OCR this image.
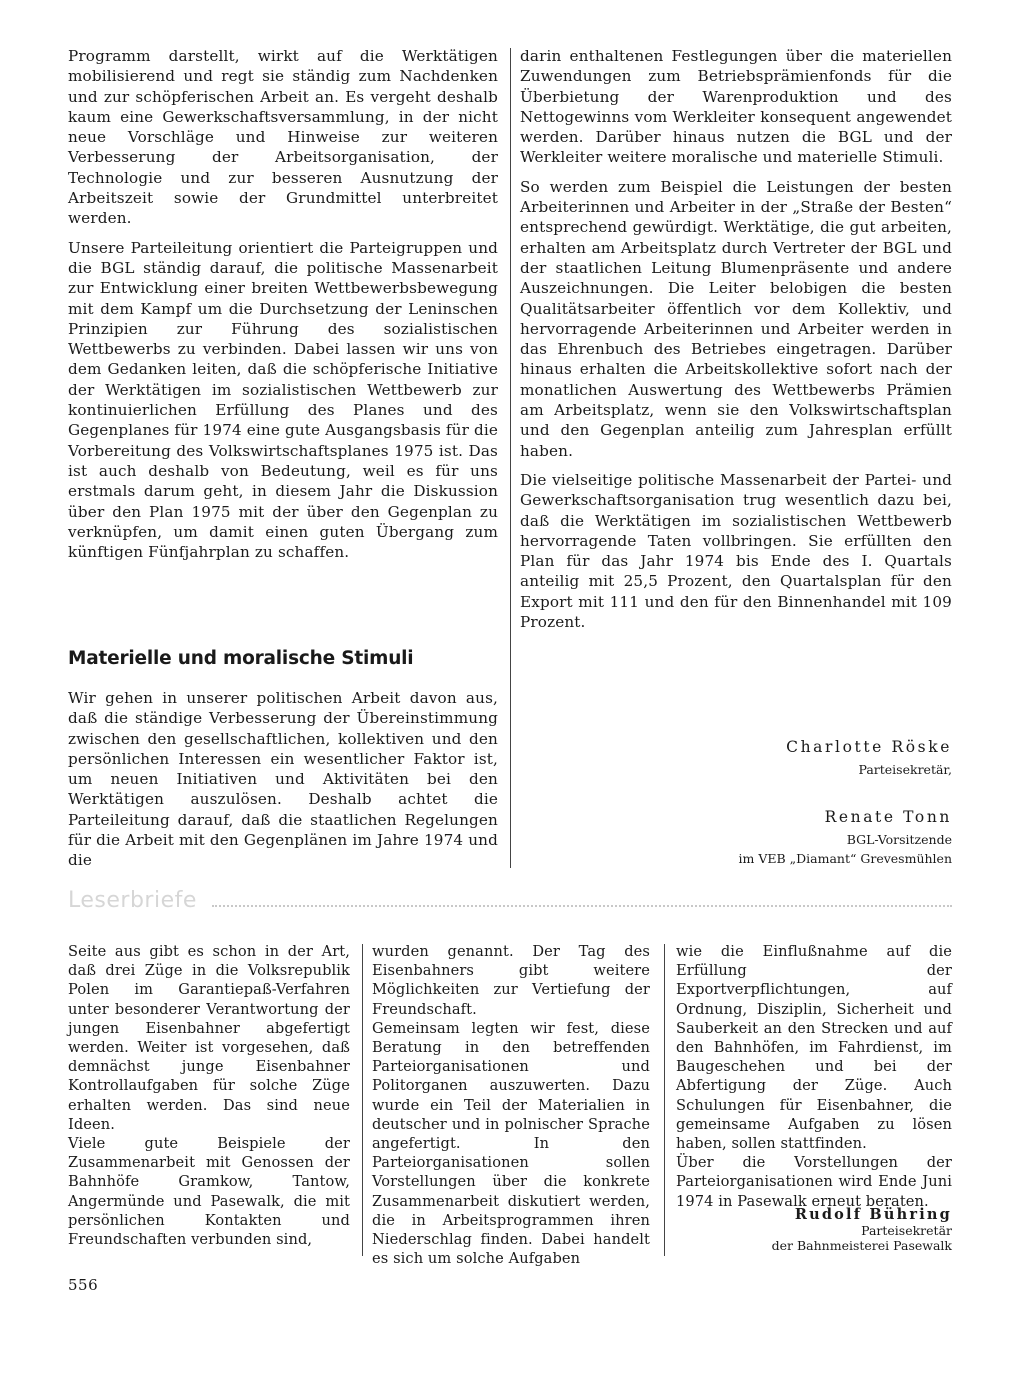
Programm darstellt, wirkt auf die Werktätigen mobilisierend und regt sie ständig zum Nachdenken und zur schöpferischen Arbeit an. Es vergeht deshalb kaum eine Gewerkschaftsversammlung, in der nicht neue Vorschläge und Hinweise zur weiteren Verbesserung der Arbeitsorganisation, der Technologie und zur besseren Ausnutzung der Arbeitszeit sowie der Grundmittel unterbreitet werden.

Unsere Parteileitung orientiert die Parteigruppen und die BGL ständig darauf, die politische Massenarbeit zur Entwicklung einer breiten Wettbewerbsbewegung mit dem Kampf um die Durchsetzung der Leninschen Prinzipien zur Führung des sozialistischen Wettbewerbs zu verbinden. Dabei lassen wir uns von dem Gedanken leiten, daß die schöpferische Initiative der Werktätigen im sozialistischen Wettbewerb zur kontinuierlichen Erfüllung des Planes und des Gegenplanes für 1974 eine gute Ausgangsbasis für die Vorbereitung des Volkswirtschaftsplanes 1975 ist. Das ist auch deshalb von Bedeutung, weil es für uns erstmals darum geht, in diesem Jahr die Diskussion über den Plan 1975 mit der über den Gegenplan zu verknüpfen, um damit einen guten Übergang zum künftigen Fünfjahrplan zu schaffen.

Materielle und moralische Stimuli

Wir gehen in unserer politischen Arbeit davon aus, daß die ständige Verbesserung der Übereinstimmung zwischen den gesellschaftlichen, kollektiven und den persönlichen Interessen ein wesentlicher Faktor ist, um neuen Initiativen und Aktivitäten bei den Werktätigen auszulösen. Deshalb achtet die Parteileitung darauf, daß die staatlichen Regelungen für die Arbeit mit den Gegenplänen im Jahre 1974 und die

darin enthaltenen Festlegungen über die materiellen Zuwendungen zum Betriebsprämienfonds für die Überbietung der Warenproduktion und des Nettogewinns vom Werkleiter konsequent angewendet werden. Darüber hinaus nutzen die BGL und der Werkleiter weitere moralische und materielle Stimuli.

So werden zum Beispiel die Leistungen der besten Arbeiterinnen und Arbeiter in der „Straße der Besten“ entsprechend gewürdigt. Werktätige, die gut arbeiten, erhalten am Arbeitsplatz durch Vertreter der BGL und der staatlichen Leitung Blumenpräsente und andere Auszeichnungen. Die Leiter belobigen die besten Qualitätsarbeiter öffentlich vor dem Kollektiv, und hervorragende Arbeiterinnen und Arbeiter werden in das Ehrenbuch des Betriebes eingetragen. Darüber hinaus erhalten die Arbeitskollektive sofort nach der monatlichen Auswertung des Wettbewerbs Prämien am Arbeitsplatz, wenn sie den Volkswirtschaftsplan und den Gegenplan anteilig zum Jahresplan erfüllt haben.

Die vielseitige politische Massenarbeit der Partei- und Gewerkschaftsorganisation trug wesentlich dazu bei, daß die Werktätigen im sozialistischen Wettbewerb hervorragende Taten vollbringen. Sie erfüllten den Plan für das Jahr 1974 bis Ende des I. Quartals anteilig mit 25,5 Prozent, den Quartalsplan für den Export mit 111 und den für den Binnenhandel mit 109 Prozent.

Charlotte Röske
Parteisekretär,
Renate Tonn
BGL-Vorsitzende
im VEB „Diamant“ Grevesmühlen
Leserbriefe
Seite aus gibt es schon in der Art, daß drei Züge in die Volksrepublik Polen im Garantiepaß-Verfahren unter besonderer Verantwortung der jungen Eisenbahner abgefertigt werden. Weiter ist vorgesehen, daß demnächst junge Eisenbahner Kontrollaufgaben für solche Züge erhalten werden. Das sind neue Ideen.
Viele gute Beispiele der Zusammenarbeit mit Genossen der Bahnhöfe Gramkow, Tantow, Angermünde und Pasewalk, die mit persönlichen Kontakten und Freundschaften verbunden sind,
wurden genannt. Der Tag des Eisenbahners gibt weitere Möglichkeiten zur Vertiefung der Freundschaft.
Gemeinsam legten wir fest, diese Beratung in den betreffenden Parteiorganisationen und Politorganen auszuwerten. Dazu wurde ein Teil der Materialien in deutscher und in polnischer Sprache angefertigt. In den Parteiorganisationen sollen Vorstellungen über die konkrete Zusammenarbeit diskutiert werden, die in Arbeitsprogrammen ihren Niederschlag finden. Dabei handelt es sich um solche Aufgaben
wie die Einflußnahme auf die Erfüllung der Exportverpflichtungen, auf Ordnung, Disziplin, Sicherheit und Sauberkeit an den Strecken und auf den Bahnhöfen, im Fahrdienst, im Baugeschehen und bei der Abfertigung der Züge. Auch Schulungen für Eisenbahner, die gemeinsame Aufgaben zu lösen haben, sollen stattfinden.
Über die Vorstellungen der Parteiorganisationen wird Ende Juni 1974 in Pasewalk erneut beraten.
Rudolf Bühring
Parteisekretär
der Bahnmeisterei Pasewalk
556
